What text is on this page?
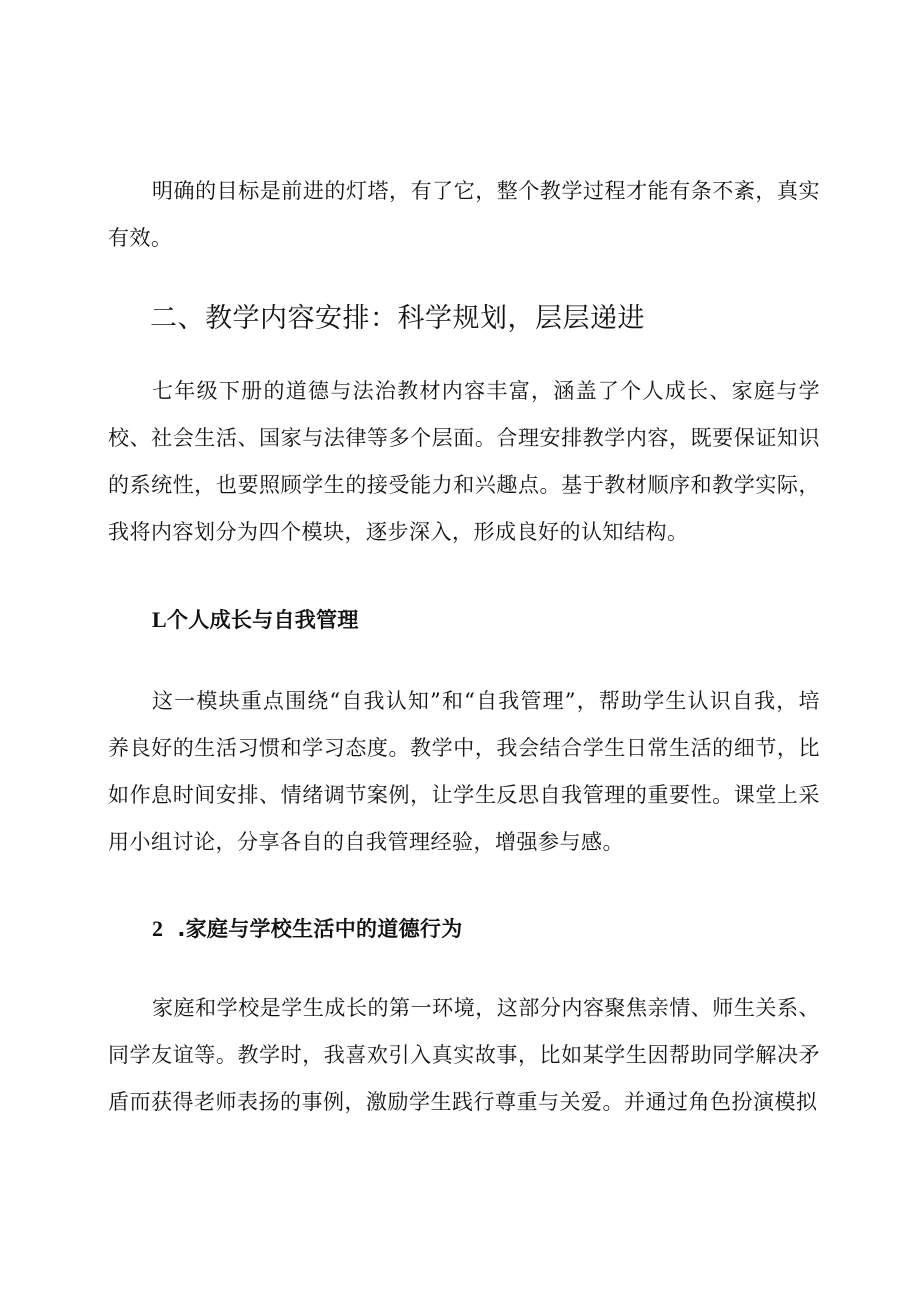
明确的目标是前进的灯塔，有了它，整个教学过程才能有条不紊，真实有效。

二、教学内容安排：科学规划，层层递进

七年级下册的道德与法治教材内容丰富，涵盖了个人成长、家庭与学校、社会生活、国家与法律等多个层面。合理安排教学内容，既要保证知识的系统性，也要照顾学生的接受能力和兴趣点。基于教材顺序和教学实际，我将内容划分为四个模块，逐步深入，形成良好的认知结构。

L个人成长与自我管理

这一模块重点围绕“自我认知”和“自我管理”，帮助学生认识自我，培养良好的生活习惯和学习态度。教学中，我会结合学生日常生活的细节，比如作息时间安排、情绪调节案例，让学生反思自我管理的重要性。课堂上采用小组讨论，分享各自的自我管理经验，增强参与感。

2 .家庭与学校生活中的道德行为

家庭和学校是学生成长的第一环境，这部分内容聚焦亲情、师生关系、同学友谊等。教学时，我喜欢引入真实故事，比如某学生因帮助同学解决矛盾而获得老师表扬的事例，激励学生践行尊重与关爱。并通过角色扮演模拟
